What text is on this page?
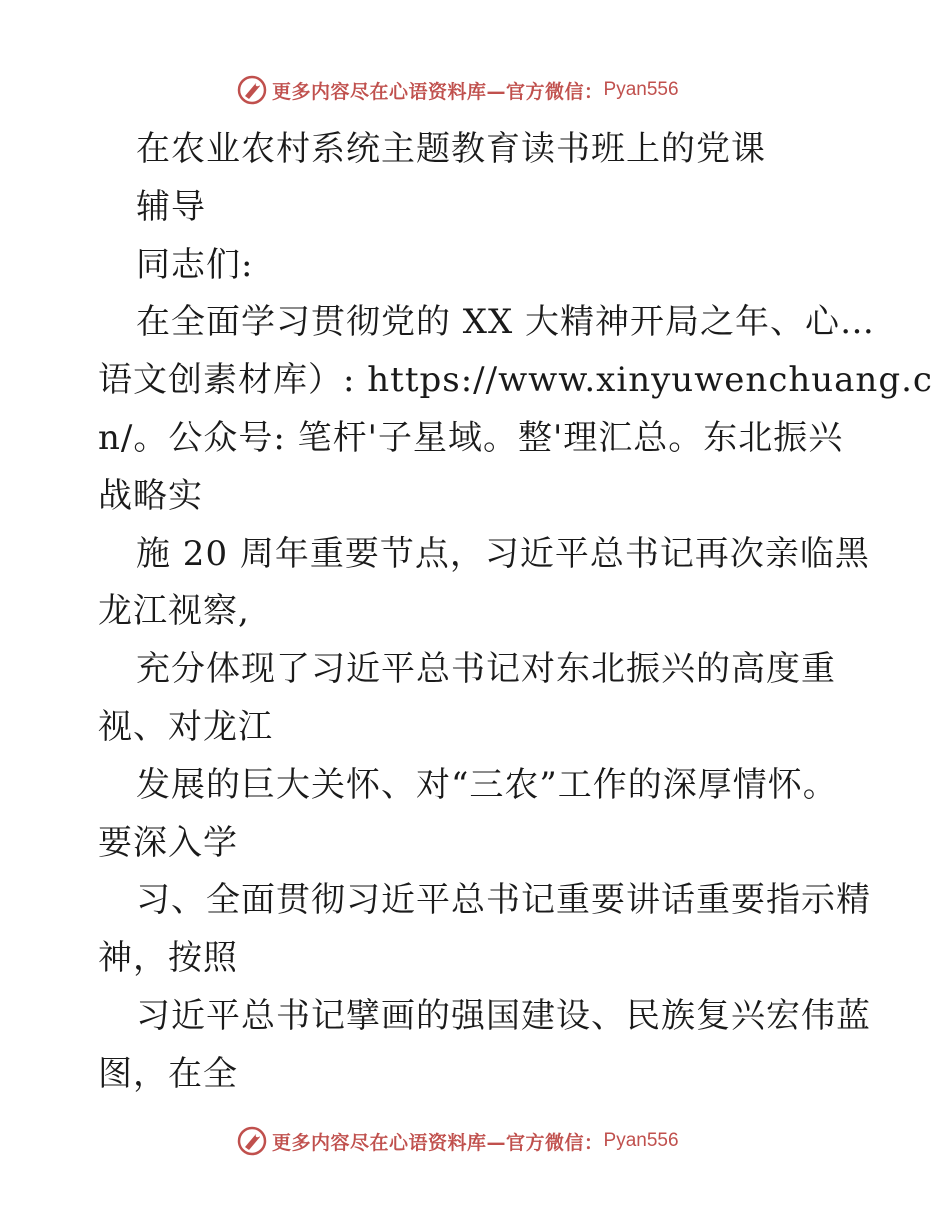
更多内容尽在心语资料库—官方微信： Pyan556
在农业农村系统主题教育读书班上的党课
辅导
同志们:
在全面学习贯彻党的 XX 大精神开局之年、心…
语文创素材库）: https://www.xinyuwenchuang.c
n/。公众号: 笔杆'子星域。整'理汇总。东北振兴
战略实
施 20 周年重要节点，习近平总书记再次亲临黑
龙江视察,
充分体现了习近平总书记对东北振兴的高度重
视、对龙江
发展的巨大关怀、对“三农”工作的深厚情怀。
要深入学
习、全面贯彻习近平总书记重要讲话重要指示精
神，按照
习近平总书记擘画的强国建设、民族复兴宏伟蓝
图，在全
更多内容尽在心语资料库—官方微信： Pyan556
